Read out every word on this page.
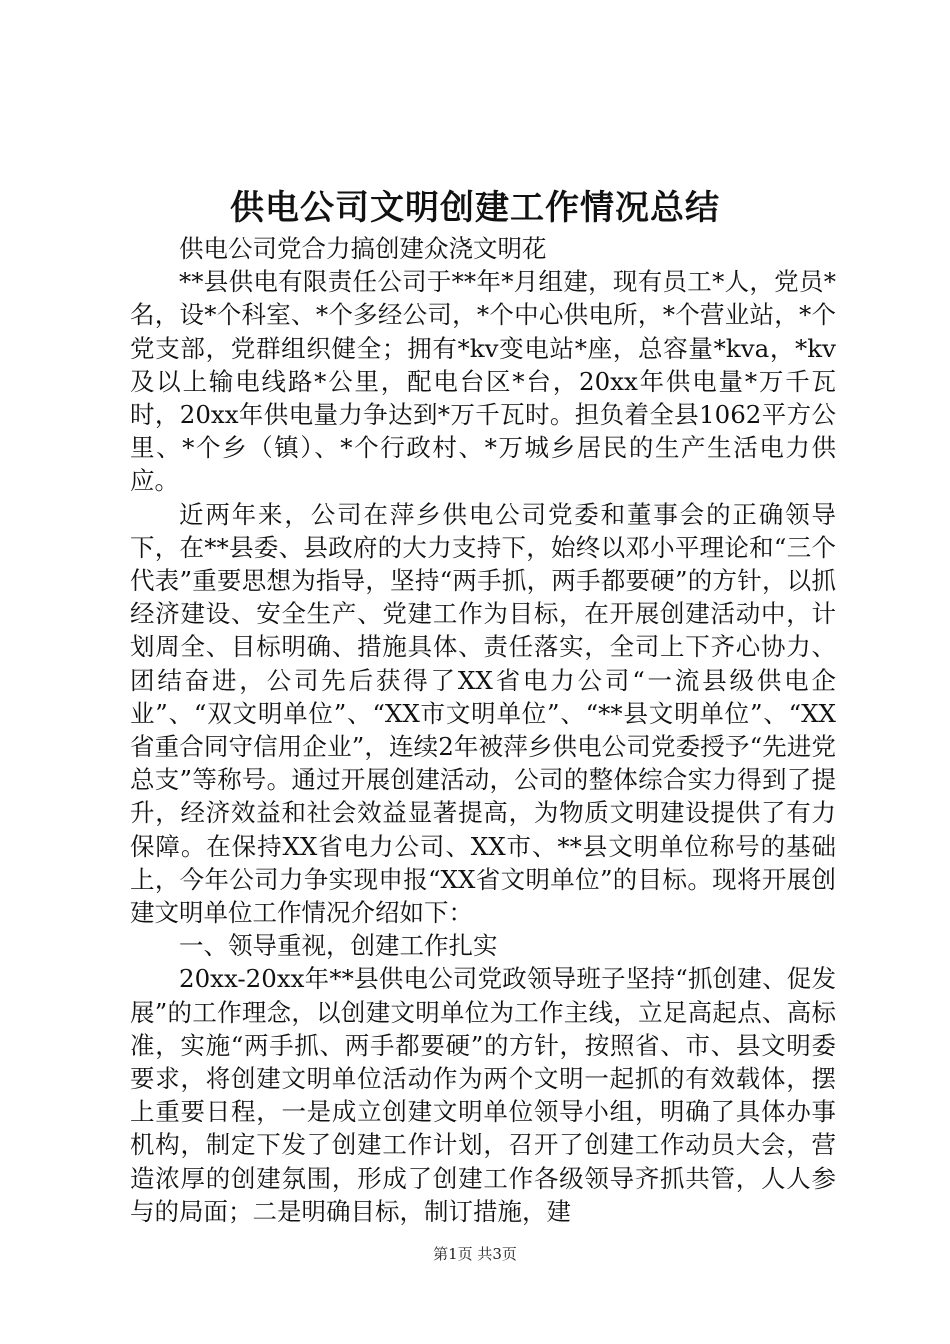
供电公司文明创建工作情况总结

供电公司党合力搞创建众浇文明花

**县供电有限责任公司于**年*月组建，现有员工*人，党员*名，设*个科室、*个多经公司，*个中心供电所，*个营业站，*个党支部，党群组织健全；拥有*kv变电站*座，总容量*kva，*kv及以上输电线路*公里，配电台区*台，20xx年供电量*万千瓦时，20xx年供电量力争达到*万千瓦时。担负着全县1062平方公里、*个乡（镇）、*个行政村、*万城乡居民的生产生活电力供应。

近两年来，公司在萍乡供电公司党委和董事会的正确领导下，在**县委、县政府的大力支持下，始终以邓小平理论和“三个代表”重要思想为指导，坚持“两手抓，两手都要硬”的方针，以抓经济建设、安全生产、党建工作为目标，在开展创建活动中，计划周全、目标明确、措施具体、责任落实，全司上下齐心协力、团结奋进，公司先后获得了XX省电力公司“一流县级供电企业”、“双文明单位”、“XX市文明单位”、“**县文明单位”、“XX省重合同守信用企业”，连续2年被萍乡供电公司党委授予“先进党总支”等称号。通过开展创建活动，公司的整体综合实力得到了提升，经济效益和社会效益显著提高，为物质文明建设提供了有力保障。在保持XX省电力公司、XX市、**县文明单位称号的基础上，今年公司力争实现申报“XX省文明单位”的目标。现将开展创建文明单位工作情况介绍如下：

一、领导重视，创建工作扎实

20xx-20xx年**县供电公司党政领导班子坚持“抓创建、促发展”的工作理念，以创建文明单位为工作主线，立足高起点、高标准，实施“两手抓、两手都要硬”的方针，按照省、市、县文明委要求，将创建文明单位活动作为两个文明一起抓的有效载体，摆上重要日程，一是成立创建文明单位领导小组，明确了具体办事机构，制定下发了创建工作计划，召开了创建工作动员大会，营造浓厚的创建氛围，形成了创建工作各级领导齐抓共管，人人参与的局面；二是明确目标，制订措施，建

第1页 共3页
